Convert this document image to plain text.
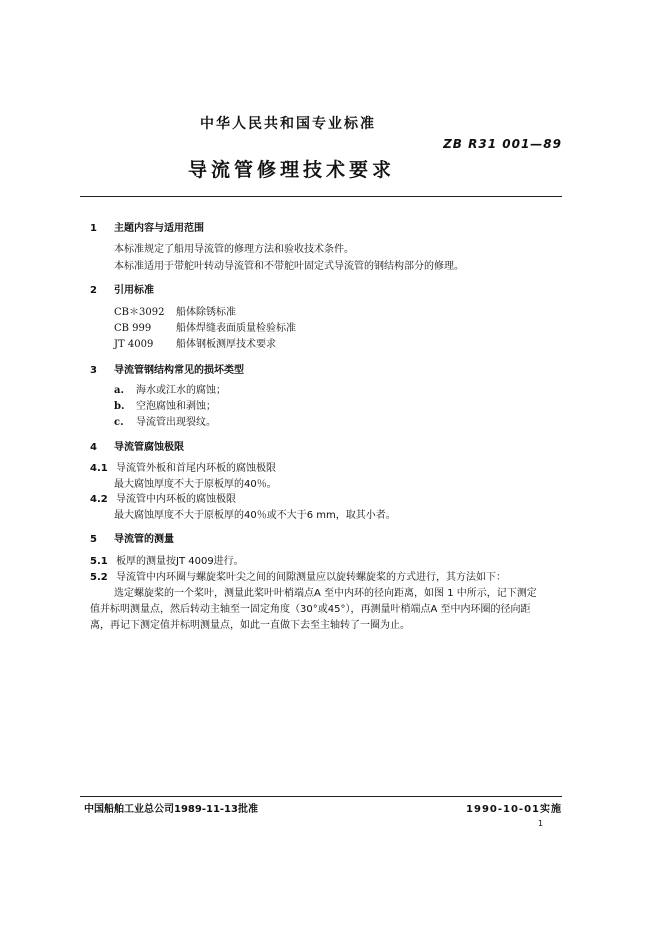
中华人民共和国专业标准
ZB R31 001—89
导流管修理技术要求
1 主题内容与适用范围
本标准规定了船用导流管的修理方法和验收技术条件。
本标准适用于带舵叶转动导流管和不带舵叶固定式导流管的钢结构部分的修理。
2 引用标准
CB＊3092 船体除锈标准
CB 999 船体焊缝表面质量检验标准
JT 4009 船体钢板测厚技术要求
3 导流管钢结构常见的损坏类型
a. 海水或江水的腐蚀；
b. 空泡腐蚀和剥蚀；
c. 导流管出现裂纹。
4 导流管腐蚀极限
4.1 导流管外板和首尾内环板的腐蚀极限
最大腐蚀厚度不大于原板厚的40％。
4.2 导流管中内环板的腐蚀极限
最大腐蚀厚度不大于原板厚的40％或不大于6 mm，取其小者。
5 导流管的测量
5.1 板厚的测量按JT 4009进行。
5.2 导流管中内环圈与螺旋桨叶尖之间的间隙测量应以旋转螺旋桨的方式进行，其方法如下：
选定螺旋桨的一个桨叶，测量此桨叶叶梢端点A 至中内环的径向距离，如图 1 中所示，记下测定
值并标明测量点，然后转动主轴至一固定角度（30°或45°），再测量叶梢端点A 至中内环圈的径向距
离，再记下测定值并标明测量点，如此一直做下去至主轴转了一圈为止。
中国船舶工业总公司1989-11-13批准	1990-10-01实施
1
